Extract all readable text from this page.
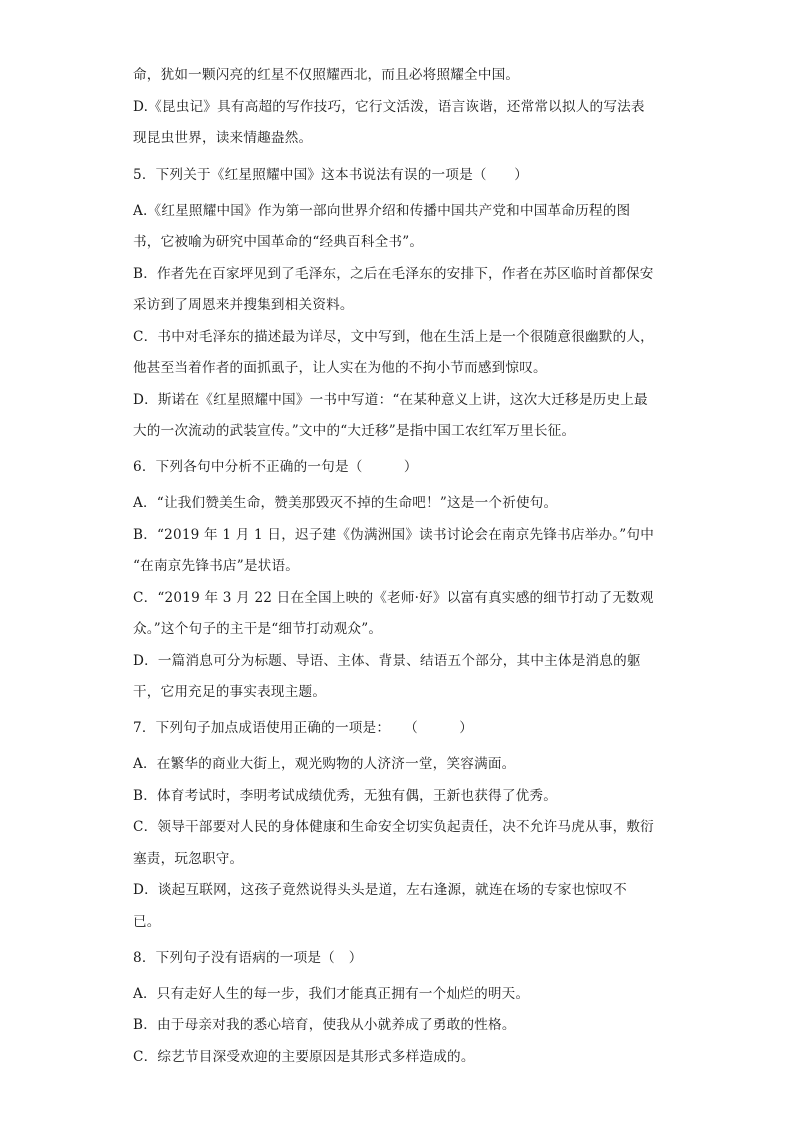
命，犹如一颗闪亮的红星不仅照耀西北，而且必将照耀全中国。
D.《昆虫记》具有高超的写作技巧，它行文活泼，语言诙谐，还常常以拟人的写法表
现昆虫世界，读来情趣盎然。
5．下列关于《红星照耀中国》这本书说法有误的一项是（　　）
A.《红星照耀中国》作为第一部向世界介绍和传播中国共产党和中国革命历程的图
书，它被喻为研究中国革命的“经典百科全书”。
B．作者先在百家坪见到了毛泽东，之后在毛泽东的安排下，作者在苏区临时首都保安
采访到了周恩来并搜集到相关资料。
C．书中对毛泽东的描述最为详尽，文中写到，他在生活上是一个很随意很幽默的人，
他甚至当着作者的面抓虱子，让人实在为他的不拘小节而感到惊叹。
D．斯诺在《红星照耀中国》一书中写道：“在某种意义上讲，这次大迁移是历史上最
大的一次流动的武装宣传。”文中的“大迁移”是指中国工农红军万里长征。
6．下列各句中分析不正确的一句是（　　　）
A．“让我们赞美生命，赞美那毁灭不掉的生命吧！”这是一个祈使句。
B．“2019 年 1 月 1 日，迟子建《伪满洲国》读书讨论会在南京先锋书店举办。”句中
“在南京先锋书店”是状语。
C．“2019 年 3 月 22 日在全国上映的《老师·好》以富有真实感的细节打动了无数观
众。”这个句子的主干是“细节打动观众”。
D．一篇消息可分为标题、导语、主体、背景、结语五个部分，其中主体是消息的躯
干，它用充足的事实表现主题。
7．下列句子加点成语使用正确的一项是：　　（　　　）
A．在繁华的商业大街上，观光购物的人济济一堂，笑容满面。
B．体育考试时，李明考试成绩优秀，无独有偶，王新也获得了优秀。
C．领导干部要对人民的身体健康和生命安全切实负起责任，决不允许马虎从事，敷衍
塞责，玩忽职守。
D．谈起互联网，这孩子竟然说得头头是道，左右逢源，就连在场的专家也惊叹不
已。
8．下列句子没有语病的一项是（　）
A．只有走好人生的每一步，我们才能真正拥有一个灿烂的明天。
B．由于母亲对我的悉心培育，使我从小就养成了勇敢的性格。
C．综艺节目深受欢迎的主要原因是其形式多样造成的。
